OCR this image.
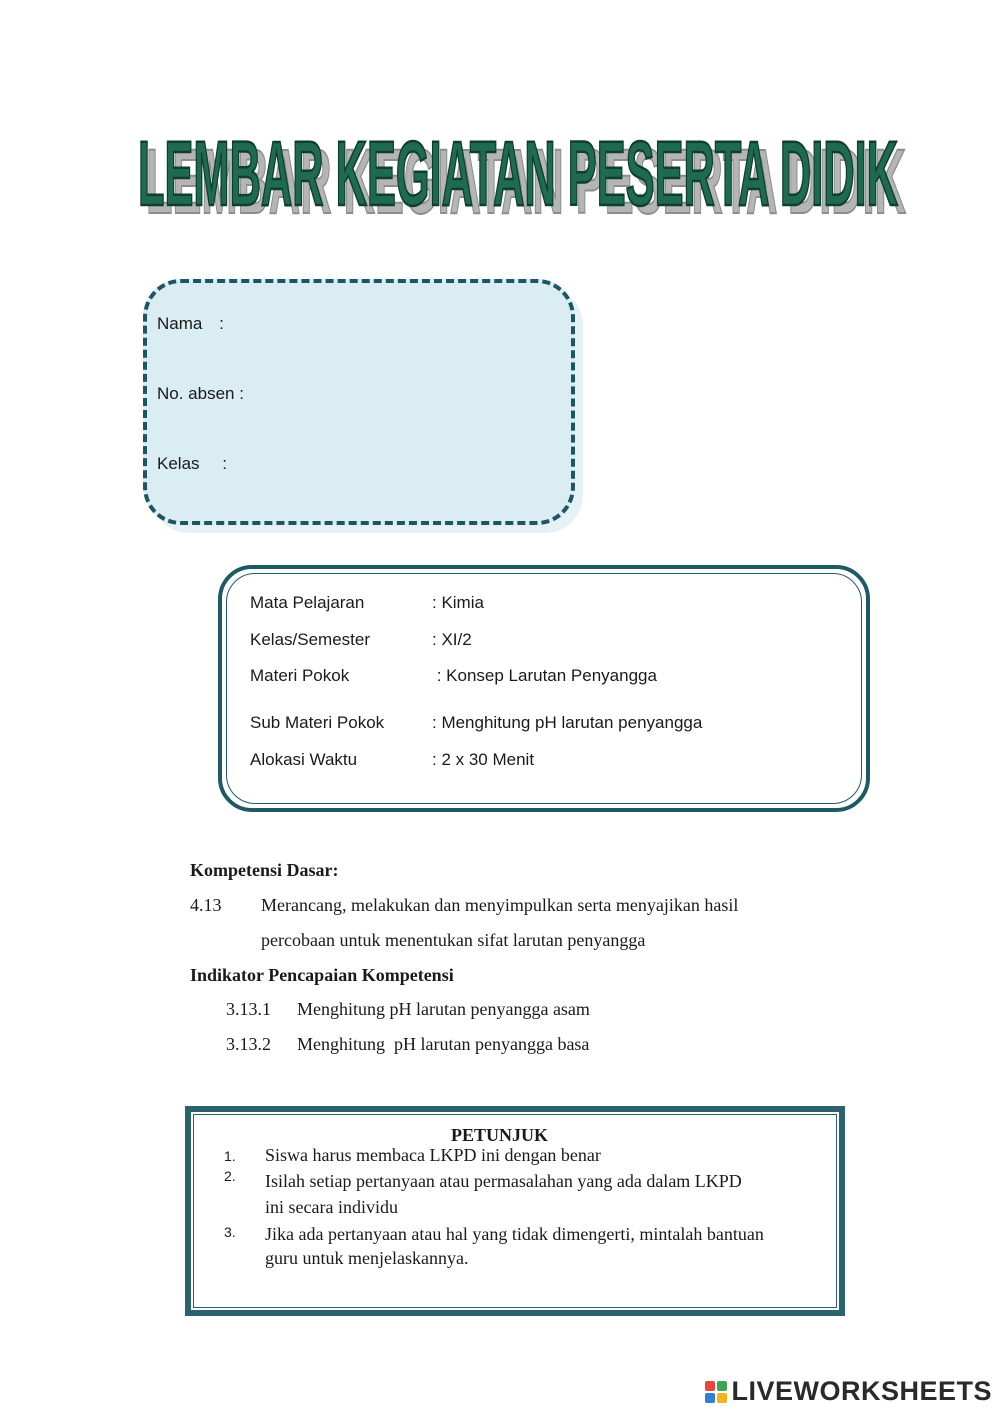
LEMBAR KEGIATAN PESERTA DIDIK
LEMBAR KEGIATAN PESERTA DIDIK
Nama :
No. absen :
Kelas :
Mata Pelajaran	: Kimia
Kelas/Semester	: XI/2
Materi Pokok	: Konsep Larutan Penyangga
Sub Materi Pokok	: Menghitung pH larutan penyangga
Alokasi Waktu	: 2 x 30 Menit
Kompetensi Dasar:
4.13 Merancang, melakukan dan menyimpulkan serta menyajikan hasil
percobaan untuk menentukan sifat larutan penyangga
Indikator Pencapaian Kompetensi
3.13.1 Menghitung pH larutan penyangga asam
3.13.2 Menghitung  pH larutan penyangga basa
PETUNJUK
1. Siswa harus membaca LKPD ini dengan benar
2. Isilah setiap pertanyaan atau permasalahan yang ada dalam LKPD
ini secara individu
3. Jika ada pertanyaan atau hal yang tidak dimengerti, mintalah bantuan
guru untuk menjelaskannya.
LIVEWORKSHEETS
